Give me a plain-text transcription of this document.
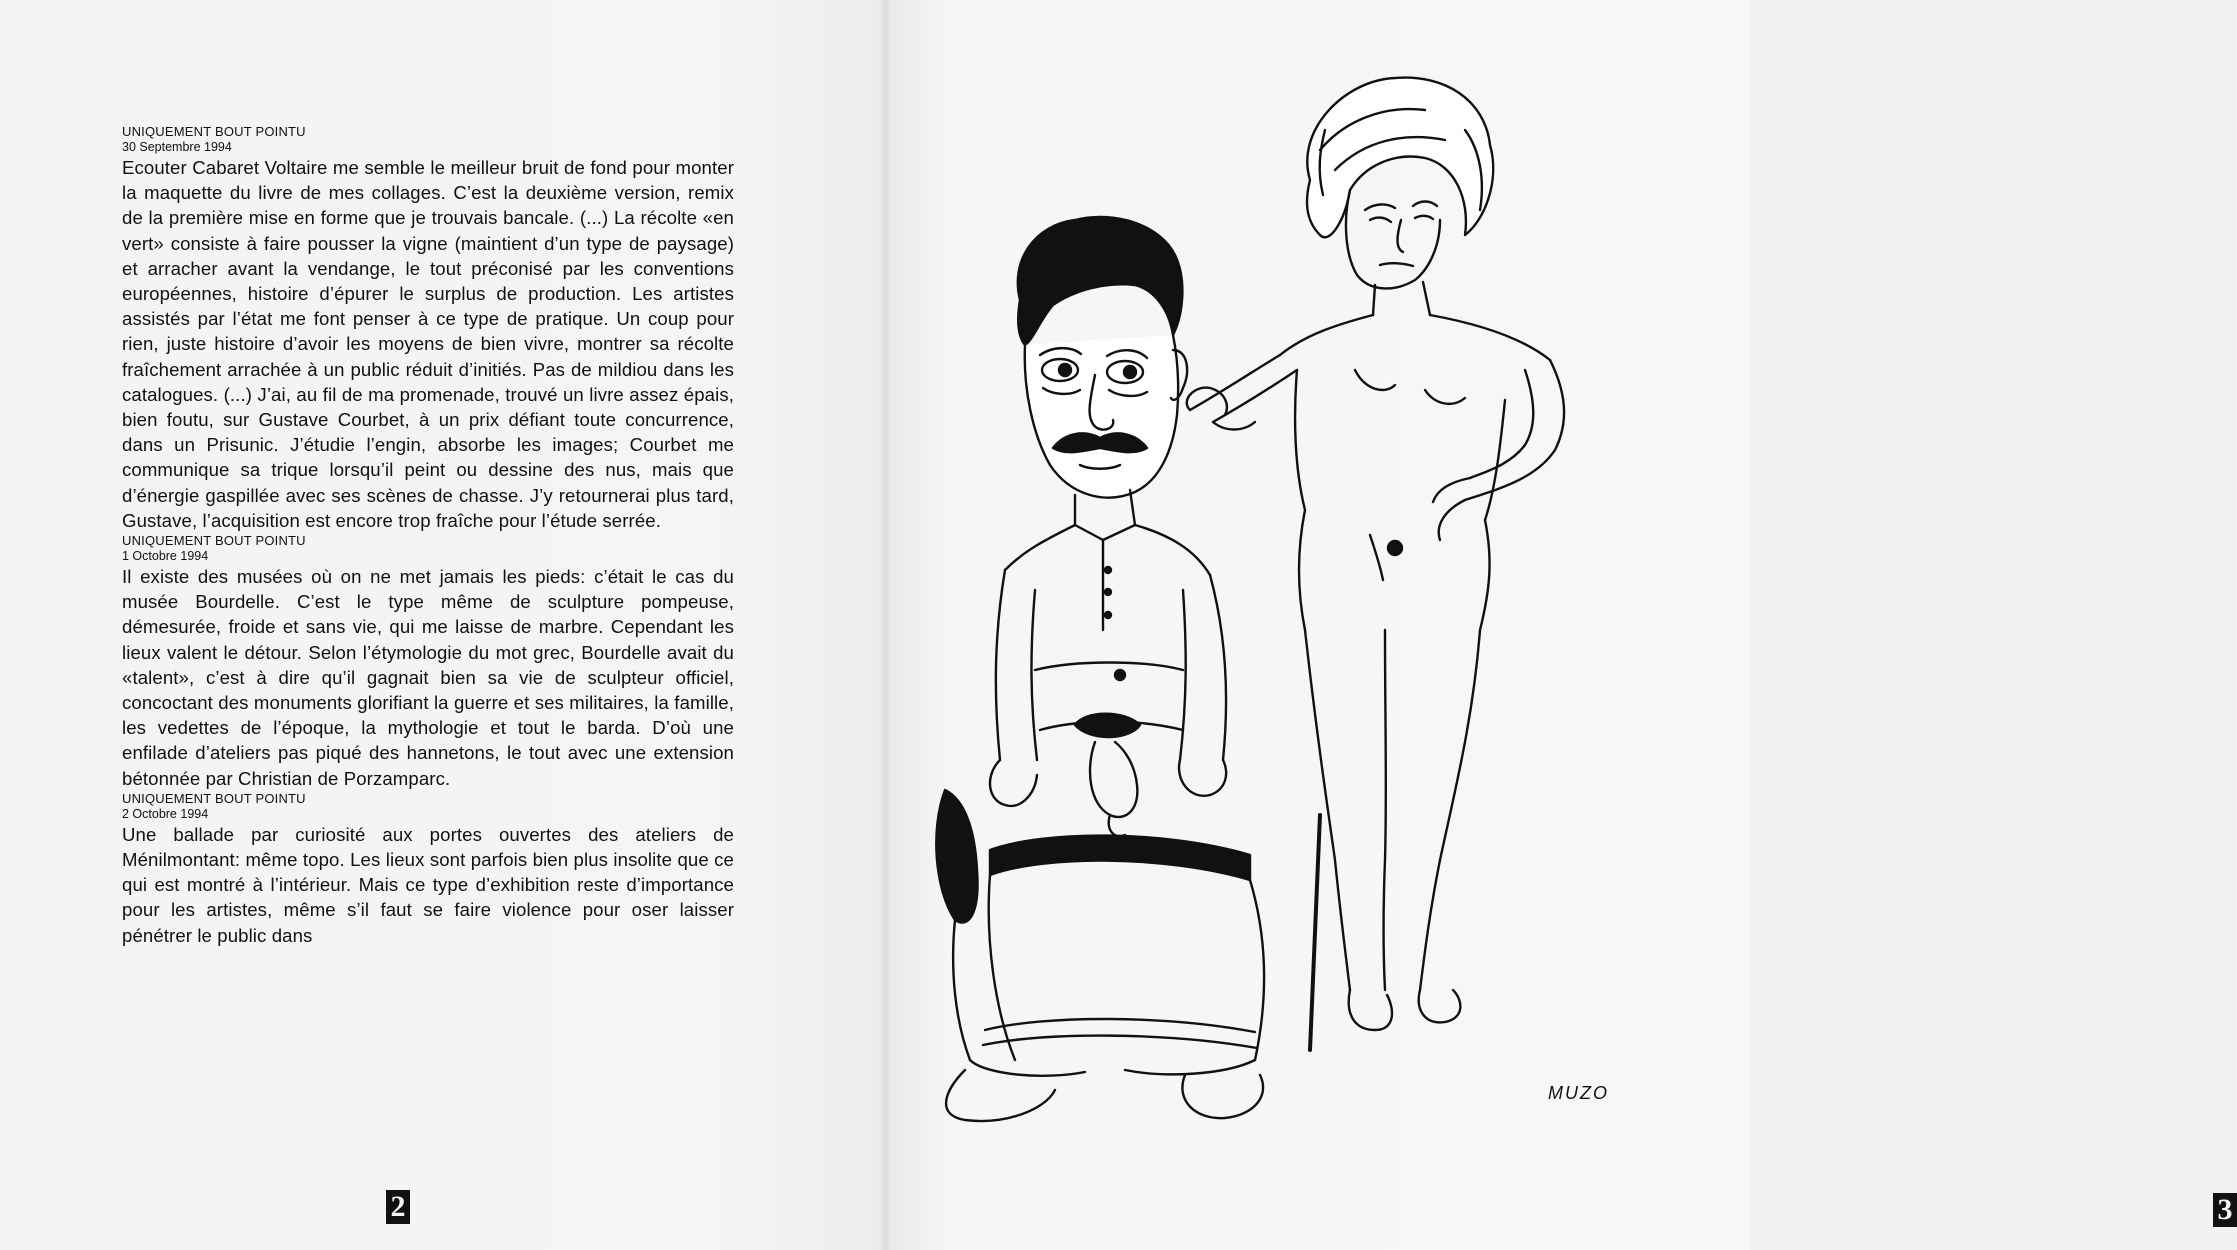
UNIQUEMENT BOUT POINTU
30 Septembre 1994

Ecouter Cabaret Voltaire me semble le meilleur bruit de fond pour monter la maquette du livre de mes collages. C’est la deuxième version, remix de la première mise en forme que je trouvais bancale. (...) La récolte «en vert» consiste à faire pousser la vigne (maintient d’un type de paysage) et arracher avant la vendange, le tout préconisé par les conventions européennes, histoire d’épurer le surplus de production. Les artistes assistés par l’état me font penser à ce type de pratique. Un coup pour rien, juste histoire d’avoir les moyens de bien vivre, montrer sa récolte fraîchement arrachée à un public réduit d’initiés. Pas de mildiou dans les catalogues. (...) J’ai, au fil de ma promenade, trouvé un livre assez épais, bien foutu, sur Gustave Courbet, à un prix défiant toute concurrence, dans un Prisunic. J’étudie l’engin, absorbe les images; Courbet me communique sa trique lorsqu’il peint ou dessine des nus, mais que d’énergie gaspillée avec ses scènes de chasse. J’y retournerai plus tard, Gustave, l’acquisition est encore trop fraîche pour l’étude serrée.

UNIQUEMENT BOUT POINTU
1 Octobre 1994

Il existe des musées où on ne met jamais les pieds: c’était le cas du musée Bourdelle. C’est le type même de sculpture pompeuse, démesurée, froide et sans vie, qui me laisse de marbre. Cependant les lieux valent le détour. Selon l’étymologie du mot grec, Bourdelle avait du «talent», c’est à dire qu’il gagnait bien sa vie de sculpteur officiel, concoctant des monuments glorifiant la guerre et ses militaires, la famille, les vedettes de l’époque, la mythologie et tout le barda. D’où une enfilade d’ateliers pas piqué des hannetons, le tout avec une extension bétonnée par Christian de Porzamparc.

UNIQUEMENT BOUT POINTU
2 Octobre 1994

Une ballade par curiosité aux portes ouvertes des ateliers de Ménilmontant: même topo. Les lieux sont parfois bien plus insolite que ce qui est montré à l’intérieur. Mais ce type d’exhibition reste d’importance pour les artistes, même s’il faut se faire violence pour oser laisser pénétrer le public dans

2	3
MUZO
